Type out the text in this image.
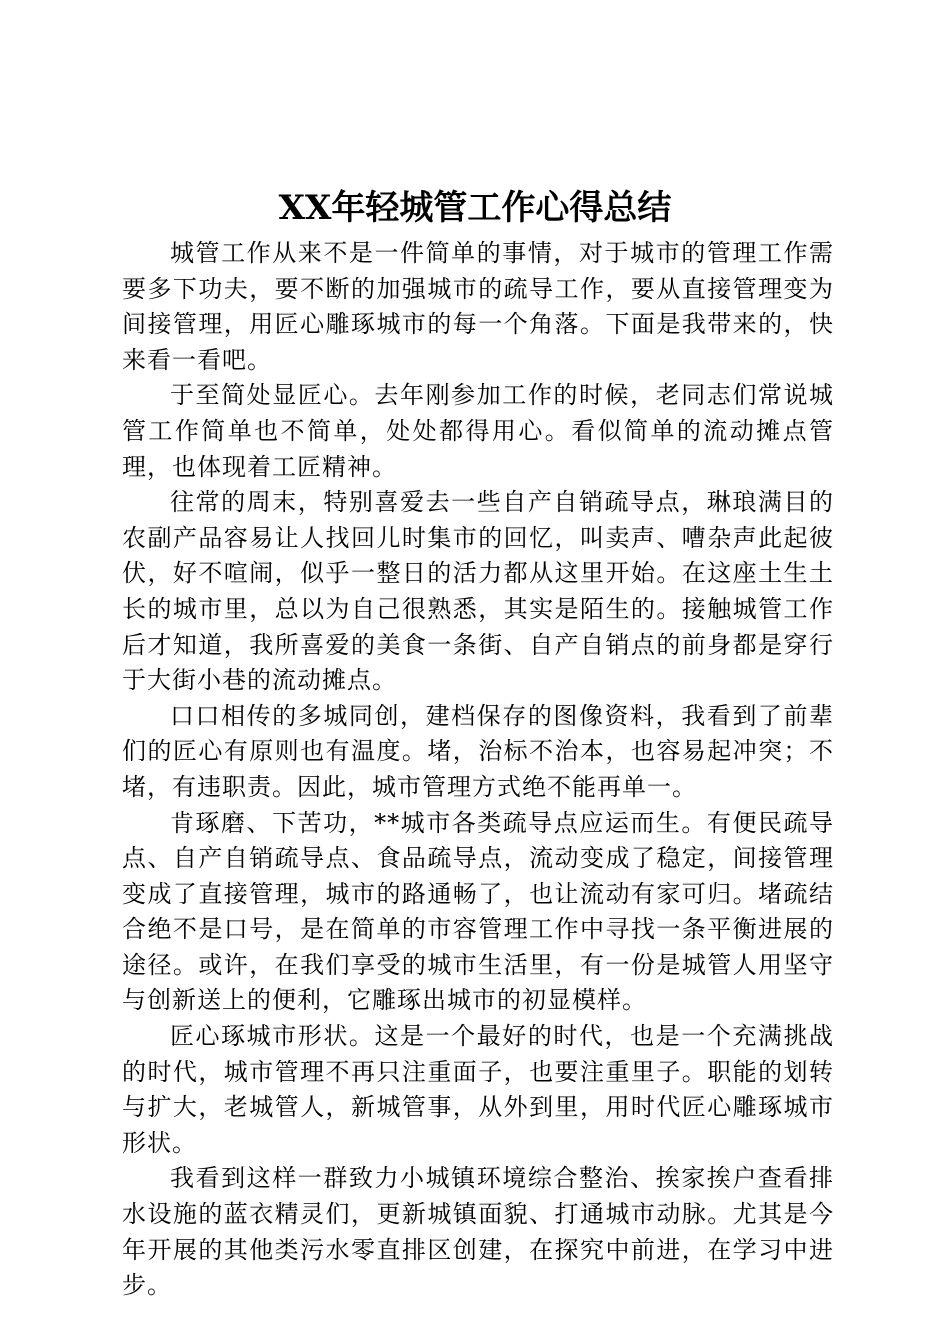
XX年轻城管工作心得总结

城管工作从来不是一件简单的事情，对于城市的管理工作需要多下功夫，要不断的加强城市的疏导工作，要从直接管理变为间接管理，用匠心雕琢城市的每一个角落。下面是我带来的，快来看一看吧。

于至简处显匠心。去年刚参加工作的时候，老同志们常说城管工作简单也不简单，处处都得用心。看似简单的流动摊点管理，也体现着工匠精神。

往常的周末，特别喜爱去一些自产自销疏导点，琳琅满目的农副产品容易让人找回儿时集市的回忆，叫卖声、嘈杂声此起彼伏，好不喧闹，似乎一整日的活力都从这里开始。在这座土生土长的城市里，总以为自己很熟悉，其实是陌生的。接触城管工作后才知道，我所喜爱的美食一条街、自产自销点的前身都是穿行于大街小巷的流动摊点。

口口相传的多城同创，建档保存的图像资料，我看到了前辈们的匠心有原则也有温度。堵，治标不治本，也容易起冲突；不堵，有违职责。因此，城市管理方式绝不能再单一。

肯琢磨、下苦功，**城市各类疏导点应运而生。有便民疏导点、自产自销疏导点、食品疏导点，流动变成了稳定，间接管理变成了直接管理，城市的路通畅了，也让流动有家可归。堵疏结合绝不是口号，是在简单的市容管理工作中寻找一条平衡进展的途径。或许，在我们享受的城市生活里，有一份是城管人用坚守与创新送上的便利，它雕琢出城市的初显模样。

匠心琢城市形状。这是一个最好的时代，也是一个充满挑战的时代，城市管理不再只注重面子，也要注重里子。职能的划转与扩大，老城管人，新城管事，从外到里，用时代匠心雕琢城市形状。

我看到这样一群致力小城镇环境综合整治、挨家挨户查看排水设施的蓝衣精灵们，更新城镇面貌、打通城市动脉。尤其是今年开展的其他类污水零直排区创建，在探究中前进，在学习中进步。
